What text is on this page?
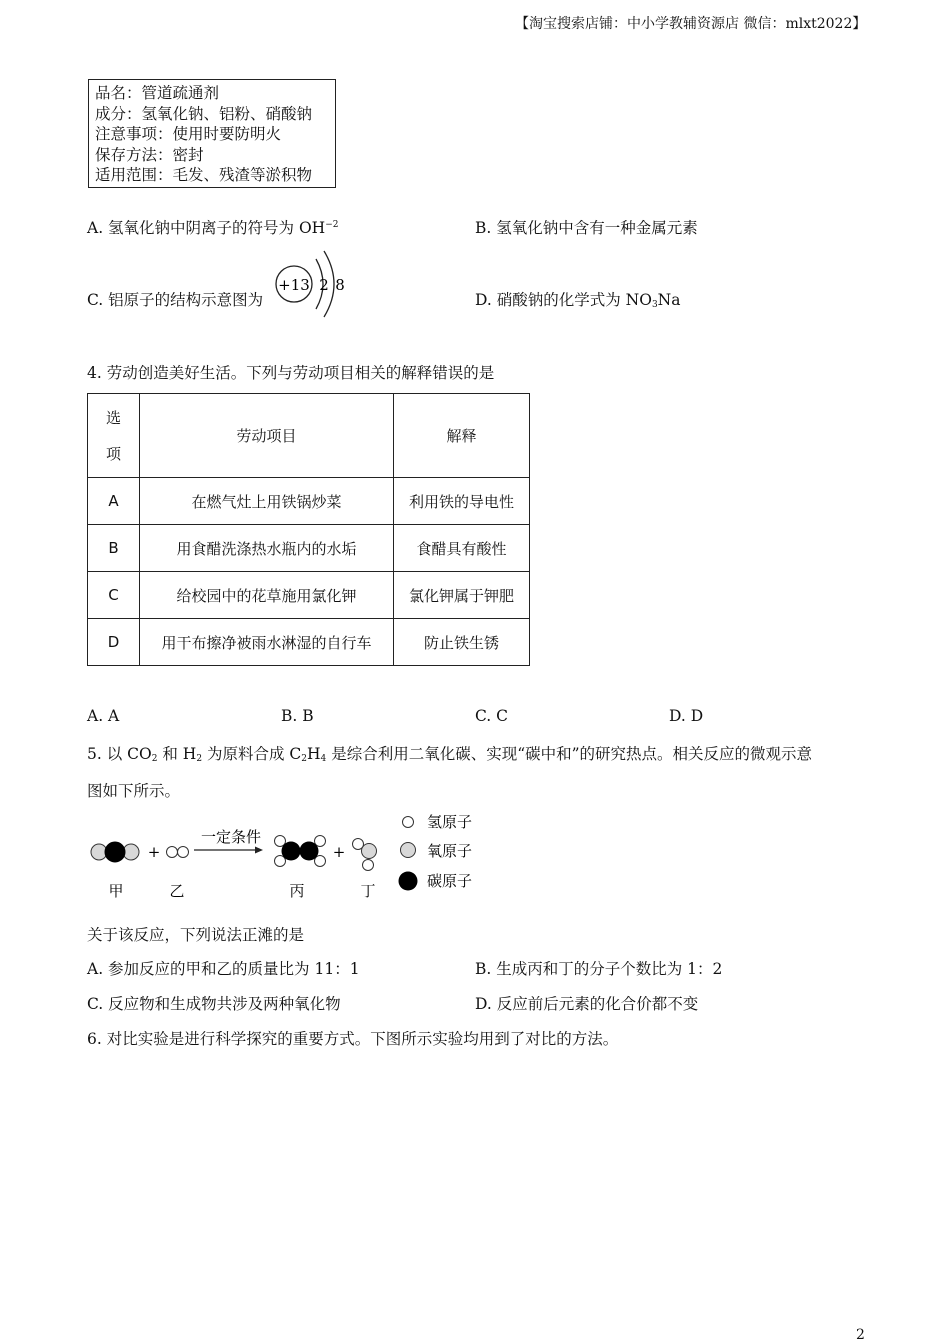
【淘宝搜索店铺：中小学教辅资源店 微信：mlxt2022】
品名：管道疏通剂
成分：氢氧化钠、铝粉、硝酸钠
注意事项：使用时要防明火
保存方法：密封
适用范围：毛发、残渣等淤积物
A. 氢氧化钠中阴离子的符号为 $OH^{-2}$	B. 氢氧化钠中含有一种金属元素
C. 铝原子的结构示意图为
+13 2 8
D. 硝酸钠的化学式为 $NO_3Na$
4. 劳动创造美好生活。下列与劳动项目相关的解释错误的是
选
项	劳动项目	解释
A	在燃气灶上用铁锅炒菜	利用铁的导电性
B	用食醋洗涤热水瓶内的水垢	食醋具有酸性
C	给校园中的花草施用氯化钾	氯化钾属于钾肥
D	用干布擦净被雨水淋湿的自行车	防止铁生锈
A. A	B. B	C. C	D. D
5. 以 $CO_2$ 和 $H_2$ 为原料合成 $C_2H_4$ 是综合利用二氧化碳、实现“碳中和”的研究热点。相关反应的微观示意
图如下所示。
+
一定条件
+
甲	乙	丙	丁
氢原子
氧原子
碳原子
关于该反应，下列说法正滩的是
A. 参加反应的甲和乙的质量比为 11：1	B. 生成丙和丁的分子个数比为 1：2
C. 反应物和生成物共涉及两种氧化物	D. 反应前后元素的化合价都不变
6. 对比实验是进行科学探究的重要方式。下图所示实验均用到了对比的方法。
2
